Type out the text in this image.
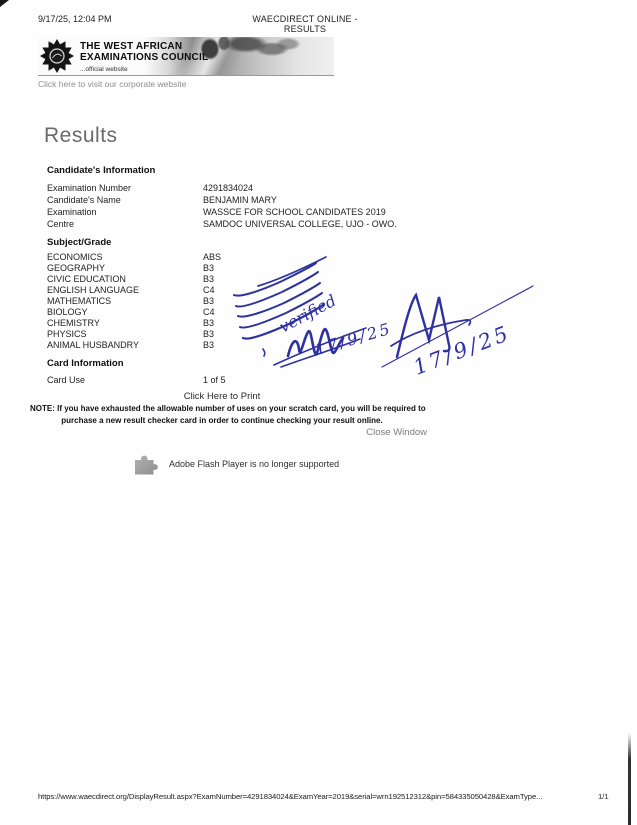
9/17/25, 12:04 PM	WAECDIRECT ONLINE - RESULTS
THE WEST AFRICAN
EXAMINATIONS COUNCIL
...official website
Click here to visit our corporate website
Results
Candidate's Information
Examination Number	4291834024
Candidate's Name	BENJAMIN MARY
Examination	WASSCE FOR SCHOOL CANDIDATES 2019
Centre	SAMDOC UNIVERSAL COLLEGE, UJO - OWO.
Subject/Grade
ECONOMICS	ABS
GEOGRAPHY	B3
CIVIC EDUCATION	B3
ENGLISH LANGUAGE	C4
MATHEMATICS	B3
BIOLOGY	C4
CHEMISTRY	B3
PHYSICS	B3
ANIMAL HUSBANDRY	B3
Card Information
Card Use	1 of 5
Click Here to Print
NOTE: If you have exhausted the allowable number of uses on your scratch card, you will be required to
purchase a new result checker card in order to continue checking your result online.
Close Window
Adobe Flash Player is no longer supported
verified
17/9/25 17/9/25
https://www.waecdirect.org/DisplayResult.aspx?ExamNumber=4291834024&ExamYear=2019&serial=wrn192512312&pin=584335050428&ExamType...	1/1
